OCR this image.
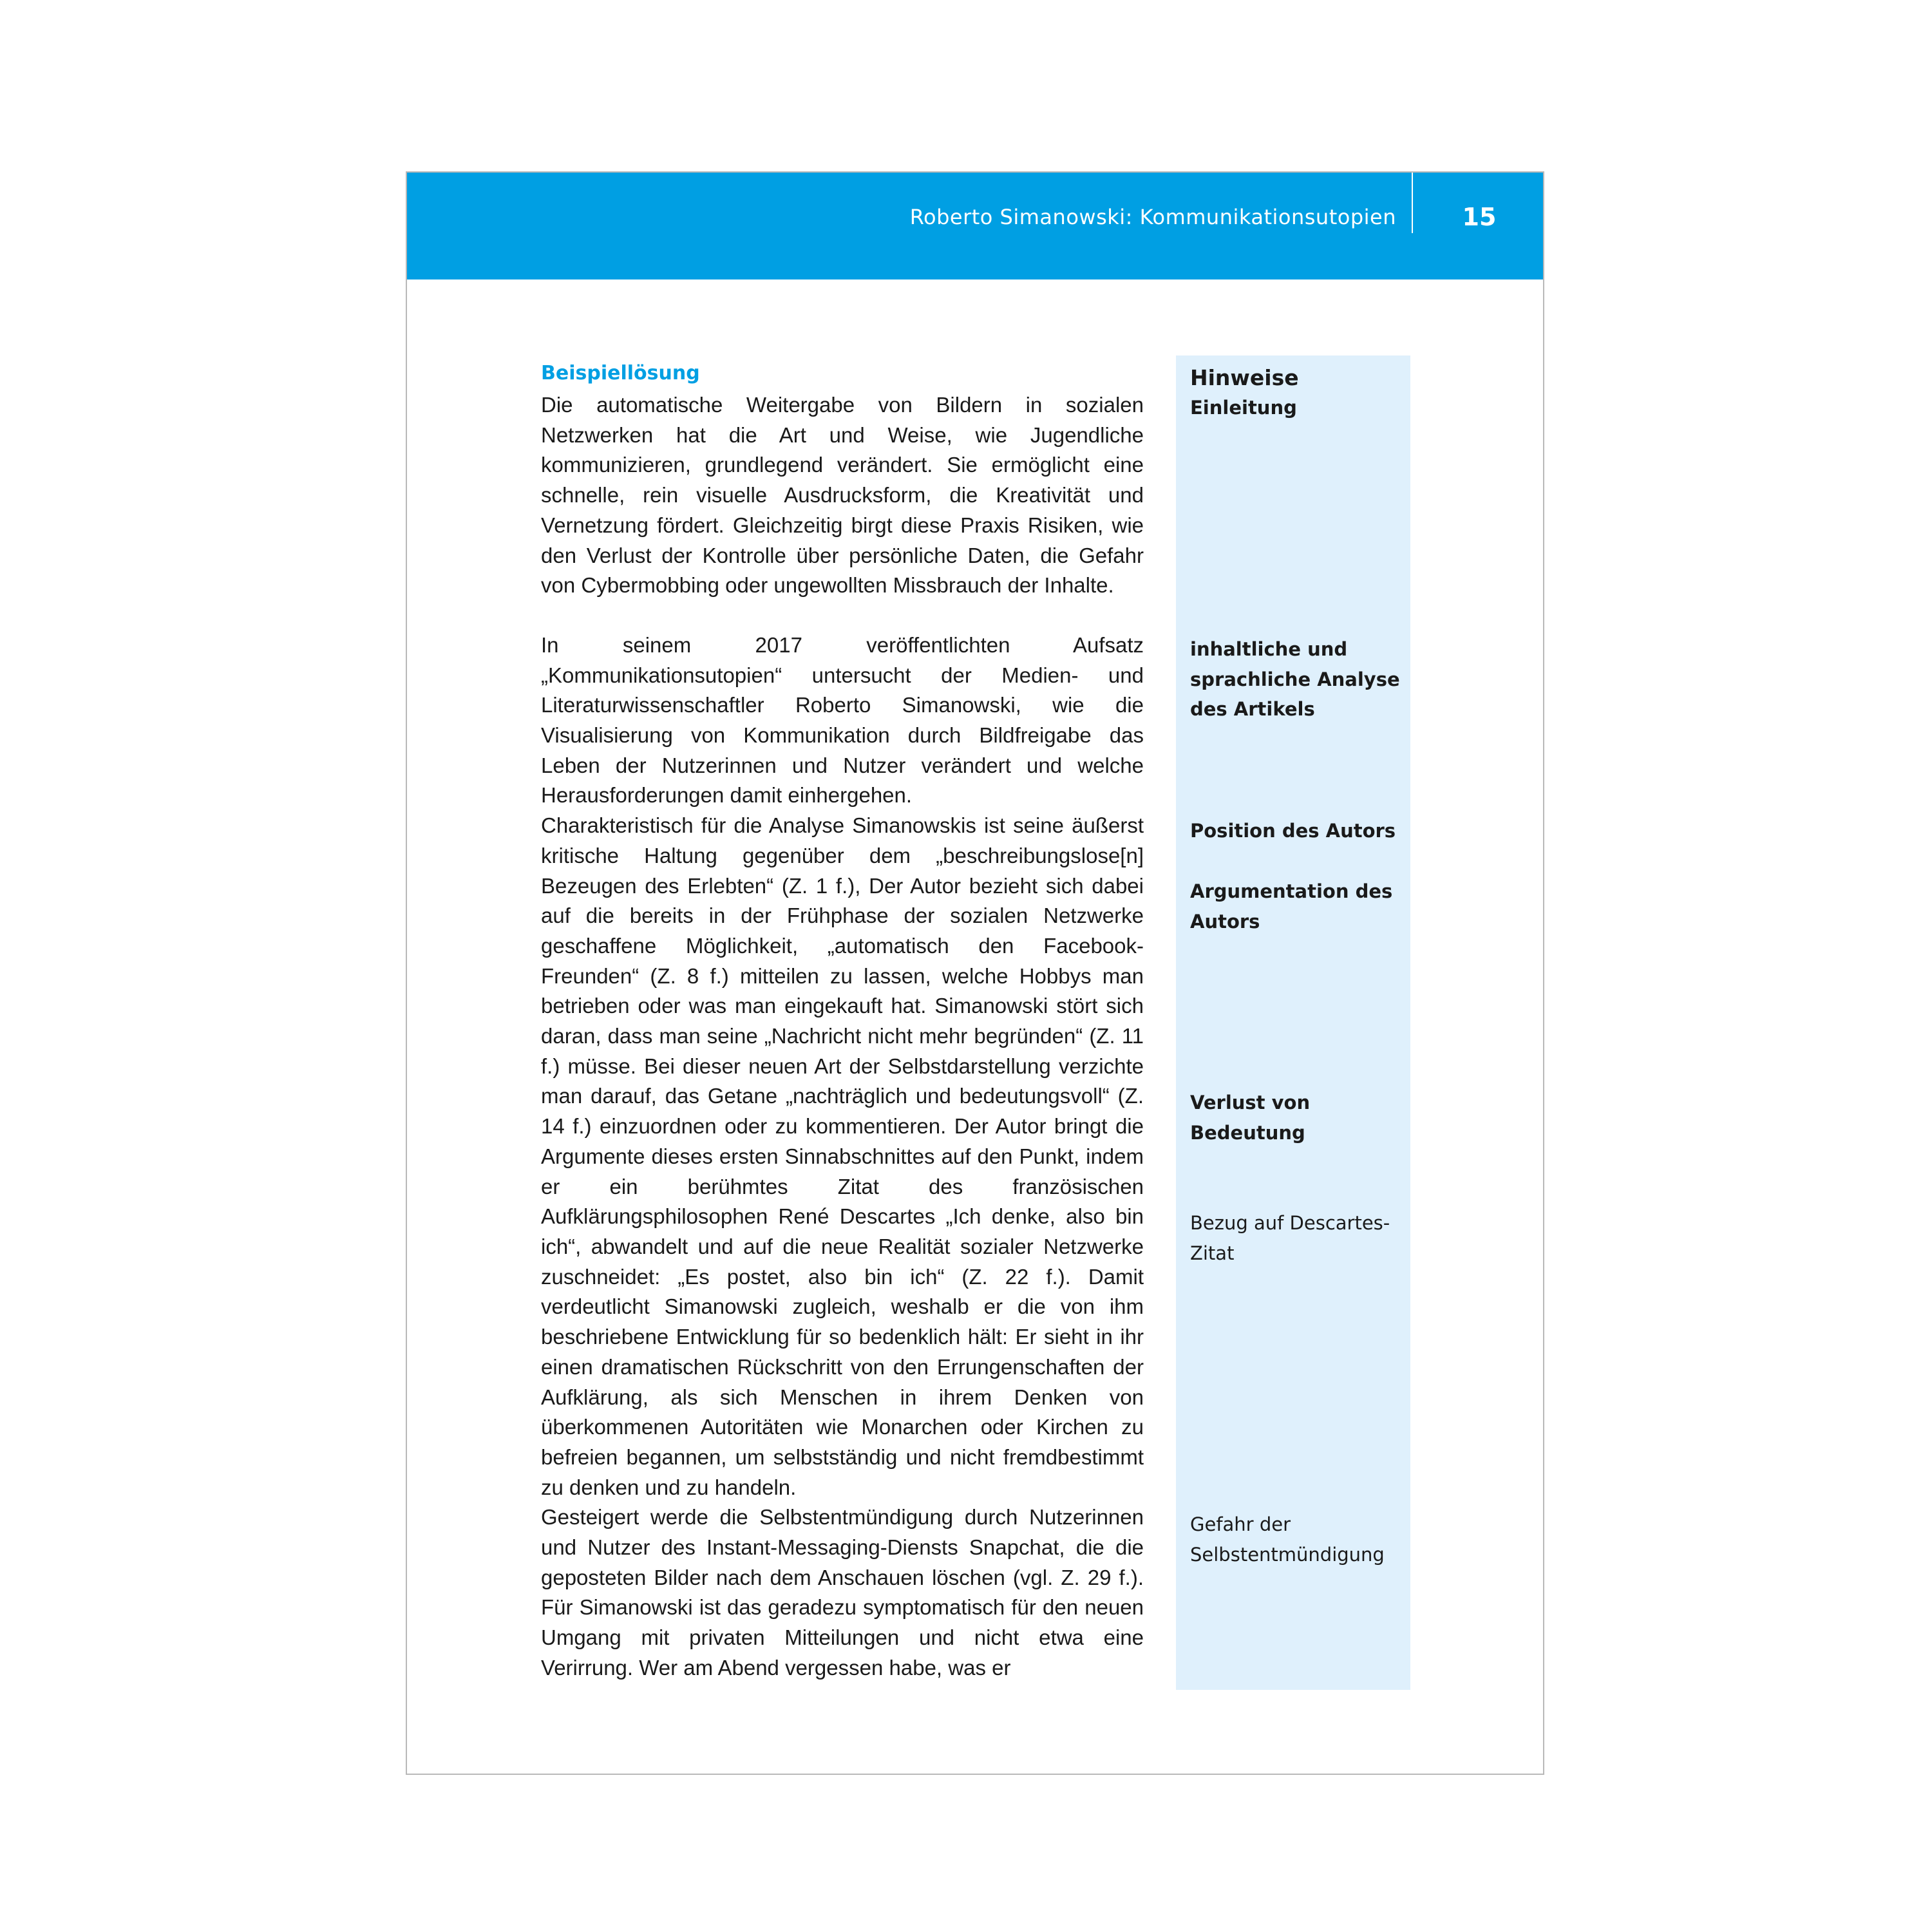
Roberto Simanowski: Kommunikationsutopien	15
Beispiellösung

Die automatische Weitergabe von Bildern in sozialen Netzwerken hat die Art und Weise, wie Jugendliche kommunizieren, grundlegend verändert. Sie ermöglicht eine schnelle, rein visuelle Ausdrucksform, die Kreativität und Vernetzung fördert. Gleichzeitig birgt diese Praxis Risiken, wie den Verlust der Kontrolle über persönliche Daten, die Gefahr von Cybermobbing oder ungewollten Missbrauch der Inhalte.

In seinem 2017 veröffentlichten Aufsatz „Kommunikationsutopien“ untersucht der Medien- und Literaturwissenschaftler Roberto Simanowski, wie die Visualisierung von Kommunikation durch Bildfreigabe das Leben der Nutzerinnen und Nutzer verändert und welche Herausforderungen damit einhergehen.

Charakteristisch für die Analyse Simanowskis ist seine äußerst kritische Haltung gegenüber dem „beschreibungslose[n] Bezeugen des Erlebten“ (Z. 1 f.), Der Autor bezieht sich dabei auf die bereits in der Frühphase der sozialen Netzwerke geschaffene Möglichkeit, „automatisch den Facebook-Freunden“ (Z. 8 f.) mitteilen zu lassen, welche Hobbys man betrieben oder was man eingekauft hat. Simanowski stört sich daran, dass man seine „Nachricht nicht mehr begründen“ (Z. 11 f.) müsse. Bei dieser neuen Art der Selbstdarstellung verzichte man darauf, das Getane „nachträglich und bedeutungsvoll“ (Z. 14 f.) einzuordnen oder zu kommentieren. Der Autor bringt die Argumente dieses ersten Sinnabschnittes auf den Punkt, indem er ein berühmtes Zitat des französischen Aufklärungsphilosophen René Descartes „Ich denke, also bin ich“, abwandelt und auf die neue Realität sozialer Netzwerke zuschneidet: „Es postet, also bin ich“ (Z. 22 f.). Damit verdeutlicht Simanowski zugleich, weshalb er die von ihm beschriebene Entwicklung für so bedenklich hält: Er sieht in ihr einen dramatischen Rückschritt von den Errungenschaften der Aufklärung, als sich Menschen in ihrem Denken von überkommenen Autoritäten wie Monarchen oder Kirchen zu befreien begannen, um selbstständig und nicht fremdbestimmt zu denken und zu handeln.

Gesteigert werde die Selbstentmündigung durch Nutzerinnen und Nutzer des Instant-Messaging-Diensts Snapchat, die die geposteten Bilder nach dem Anschauen löschen (vgl. Z. 29 f.). Für Simanowski ist das geradezu symptomatisch für den neuen Umgang mit privaten Mitteilungen und nicht etwa eine Verirrung. Wer am Abend vergessen habe, was er

Hinweise
Einleitung
inhaltliche und sprachliche Analyse des Artikels
Position des Autors
Argumentation des Autors
Verlust von Bedeutung
Bezug auf Descartes-Zitat
Gefahr der Selbstentmündigung
